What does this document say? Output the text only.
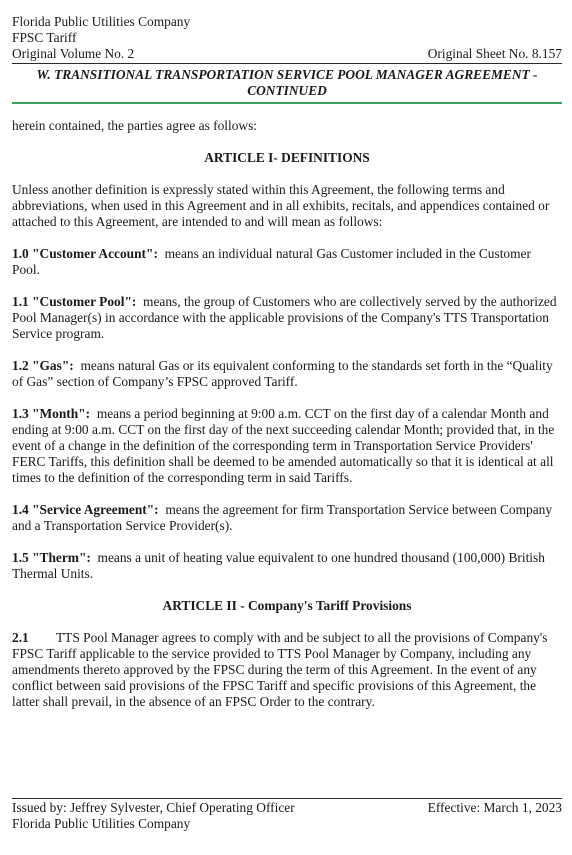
Florida Public Utilities Company
FPSC Tariff
Original Volume No. 2	Original Sheet No. 8.157
W. TRANSITIONAL TRANSPORTATION SERVICE POOL MANAGER AGREEMENT -
CONTINUED

herein contained, the parties agree as follows:

ARTICLE I- DEFINITIONS

Unless another definition is expressly stated within this Agreement, the following terms and abbreviations, when used in this Agreement and in all exhibits, recitals, and appendices contained or attached to this Agreement, are intended to and will mean as follows:

1.0 "Customer Account": means an individual natural Gas Customer included in the Customer Pool.

1.1 "Customer Pool": means, the group of Customers who are collectively served by the authorized Pool Manager(s) in accordance with the applicable provisions of the Company's TTS Transportation Service program.

1.2 "Gas": means natural Gas or its equivalent conforming to the standards set forth in the “Quality of Gas” section of Company’s FPSC approved Tariff.

1.3 "Month": means a period beginning at 9:00 a.m. CCT on the first day of a calendar Month and ending at 9:00 a.m. CCT on the first day of the next succeeding calendar Month; provided that, in the event of a change in the definition of the corresponding term in Transportation Service Providers' FERC Tariffs, this definition shall be deemed to be amended automatically so that it is identical at all times to the definition of the corresponding term in said Tariffs.

1.4 "Service Agreement": means the agreement for firm Transportation Service between Company and a Transportation Service Provider(s).

1.5 "Therm": means a unit of heating value equivalent to one hundred thousand (100,000) British Thermal Units.

ARTICLE II - Company's Tariff Provisions

2.1 TTS Pool Manager agrees to comply with and be subject to all the provisions of Company's FPSC Tariff applicable to the service provided to TTS Pool Manager by Company, including any amendments thereto approved by the FPSC during the term of this Agreement. In the event of any conflict between said provisions of the FPSC Tariff and specific provisions of this Agreement, the latter shall prevail, in the absence of an FPSC Order to the contrary.

Issued by: Jeffrey Sylvester, Chief Operating Officer	Effective: March 1, 2023
Florida Public Utilities Company
